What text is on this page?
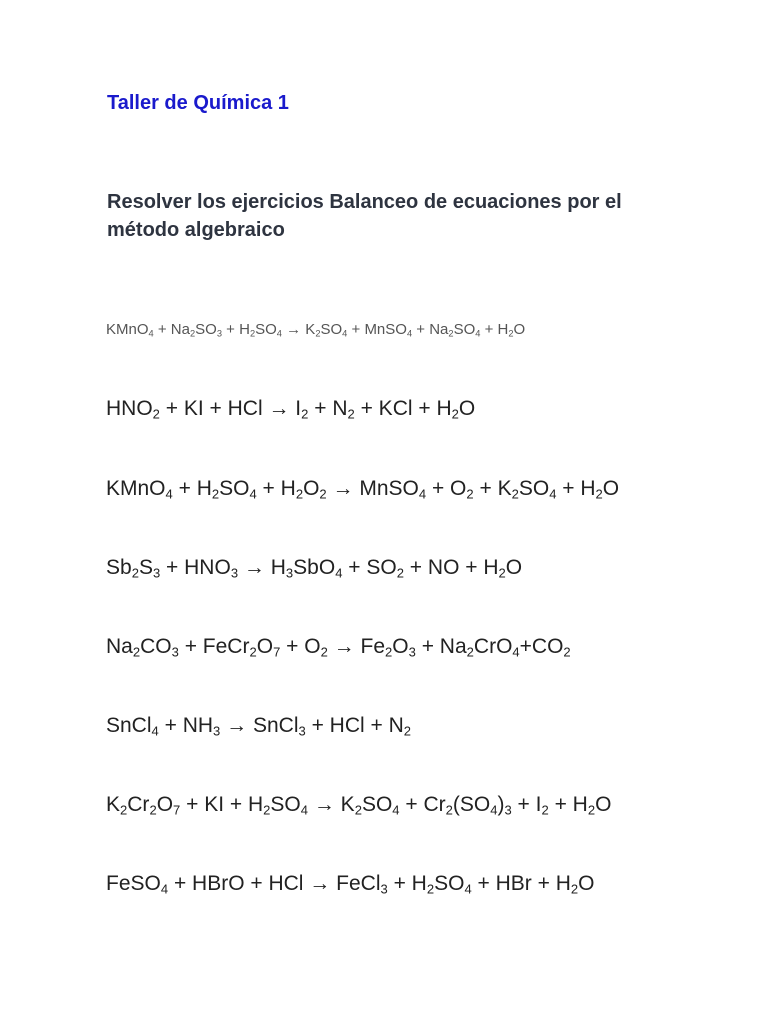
Taller de Química 1

Resolver los ejercicios Balanceo de ecuaciones por el método algebraico

KMnO$_4$ + $Na_2SO_3 + H_2SO_4 \to K_2SO_4$ + MnSO$_4$ + $Na_2SO_4 + H_2O$

$HNO_2$ + KI + HCl → $I_2 + N_2$ + KCl + $H_2O$

KMnO$_4$ + $H_2SO_4 + H_2O_2$ → MnSO$_4$ + $O_2 + K_2SO_4 + H_2O$

$Sb_2S_3 + HNO_3 \to H_3SbO_4 + SO_2$ + NO + $H_2O$

$Na_2CO_3$ + $FeCr_2O_7 + O_2 \to Fe_2O_3 + Na_2CrO_4+CO_2$

SnCl$_4$ + $NH_3$ → SnCl$_3$ + HCl + $N_2$

$K_2Cr_2O_7$ + KI + $H_2SO_4 \to K_2SO_4 + Cr_2(SO_4)_3 + I_2 + H_2O$

FeSO$_4$ + HBrO + HCl → FeCl$_3$ + $H_2SO_4$ + HBr + $H_2O$
